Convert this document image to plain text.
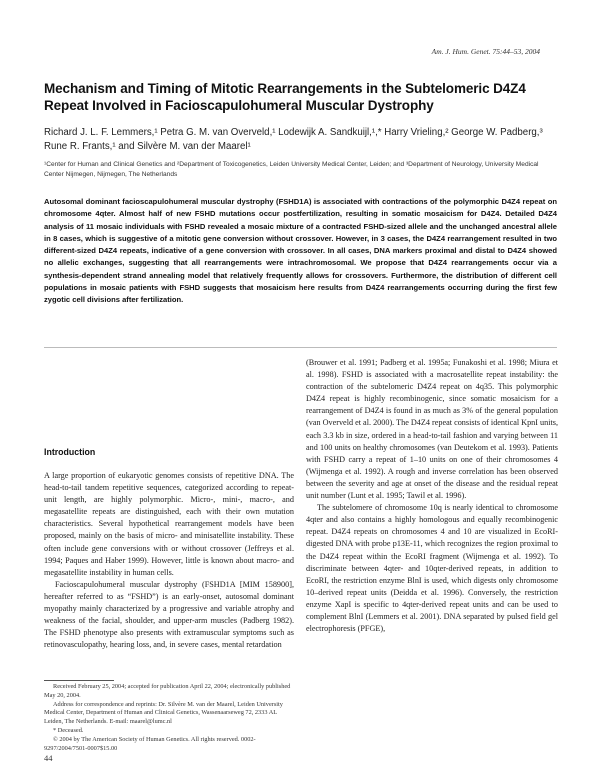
Am. J. Hum. Genet. 75:44–53, 2004
Mechanism and Timing of Mitotic Rearrangements in the Subtelomeric D4Z4 Repeat Involved in Facioscapulohumeral Muscular Dystrophy
Richard J. L. F. Lemmers,¹ Petra G. M. van Overveld,¹ Lodewijk A. Sandkuijl,¹,* Harry Vrieling,² George W. Padberg,³ Rune R. Frants,¹ and Silvère M. van der Maarel¹
¹Center for Human and Clinical Genetics and ²Department of Toxicogenetics, Leiden University Medical Center, Leiden; and ³Department of Neurology, University Medical Center Nijmegen, Nijmegen, The Netherlands
Autosomal dominant facioscapulohumeral muscular dystrophy (FSHD1A) is associated with contractions of the polymorphic D4Z4 repeat on chromosome 4qter. Almost half of new FSHD mutations occur postfertilization, resulting in somatic mosaicism for D4Z4. Detailed D4Z4 analysis of 11 mosaic individuals with FSHD revealed a mosaic mixture of a contracted FSHD-sized allele and the unchanged ancestral allele in 8 cases, which is suggestive of a mitotic gene conversion without crossover. However, in 3 cases, the D4Z4 rearrangement resulted in two different-sized D4Z4 repeats, indicative of a gene conversion with crossover. In all cases, DNA markers proximal and distal to D4Z4 showed no allelic exchanges, suggesting that all rearrangements were intrachromosomal. We propose that D4Z4 rearrangements occur via a synthesis-dependent strand annealing model that relatively frequently allows for crossovers. Furthermore, the distribution of different cell populations in mosaic patients with FSHD suggests that mosaicism here results from D4Z4 rearrangements occurring during the first few zygotic cell divisions after fertilization.
Introduction

A large proportion of eukaryotic genomes consists of repetitive DNA. The head-to-tail tandem repetitive sequences, categorized according to repeat-unit length, are highly polymorphic. Micro-, mini-, macro-, and megasatellite repeats are distinguished, each with their own mutation characteristics. Several hypothetical rearrangement models have been proposed, mainly on the basis of micro- and minisatellite instability. These often include gene conversions with or without crossover (Jeffreys et al. 1994; Paques and Haber 1999). However, little is known about macro- and megasatellite instability in human cells.

Facioscapulohumeral muscular dystrophy (FSHD1A [MIM 158900], hereafter referred to as “FSHD”) is an early-onset, autosomal dominant myopathy mainly characterized by a progressive and variable atrophy and weakness of the facial, shoulder, and upper-arm muscles (Padberg 1982). The FSHD phenotype also presents with extramuscular symptoms such as retinovasculopathy, hearing loss, and, in severe cases, mental retardation

(Brouwer et al. 1991; Padberg et al. 1995a; Funakoshi et al. 1998; Miura et al. 1998). FSHD is associated with a macrosatellite repeat instability: the contraction of the subtelomeric D4Z4 repeat on 4q35. This polymorphic D4Z4 repeat is highly recombinogenic, since somatic mosaicism for a rearrangement of D4Z4 is found in as much as 3% of the general population (van Overveld et al. 2000). The D4Z4 repeat consists of identical KpnI units, each 3.3 kb in size, ordered in a head-to-tail fashion and varying between 11 and 100 units on healthy chromosomes (van Deutekom et al. 1993). Patients with FSHD carry a repeat of 1–10 units on one of their chromosomes 4 (Wijmenga et al. 1992). A rough and inverse correlation has been observed between the severity and age at onset of the disease and the residual repeat unit number (Lunt et al. 1995; Tawil et al. 1996).

The subtelomere of chromosome 10q is nearly identical to chromosome 4qter and also contains a highly homologous and equally recombinogenic repeat. D4Z4 repeats on chromosomes 4 and 10 are visualized in EcoRI-digested DNA with probe p13E-11, which recognizes the region proximal to the D4Z4 repeat within the EcoRI fragment (Wijmenga et al. 1992). To discriminate between 4qter- and 10qter-derived repeats, in addition to EcoRI, the restriction enzyme BlnI is used, which digests only chromosome 10–derived repeat units (Deidda et al. 1996). Conversely, the restriction enzyme XapI is specific to 4qter-derived repeat units and can be used to complement BlnI (Lemmers et al. 2001). DNA separated by pulsed field gel electrophoresis (PFGE),

Received February 25, 2004; accepted for publication April 22, 2004; electronically published May 20, 2004.

Address for correspondence and reprints: Dr. Silvère M. van der Maarel, Leiden University Medical Center, Department of Human and Clinical Genetics, Wassenaarseweg 72, 2333 AL Leiden, The Netherlands. E-mail: maarel@lumc.nl

* Deceased.

© 2004 by The American Society of Human Genetics. All rights reserved. 0002-9297/2004/7501-0007$15.00

44
